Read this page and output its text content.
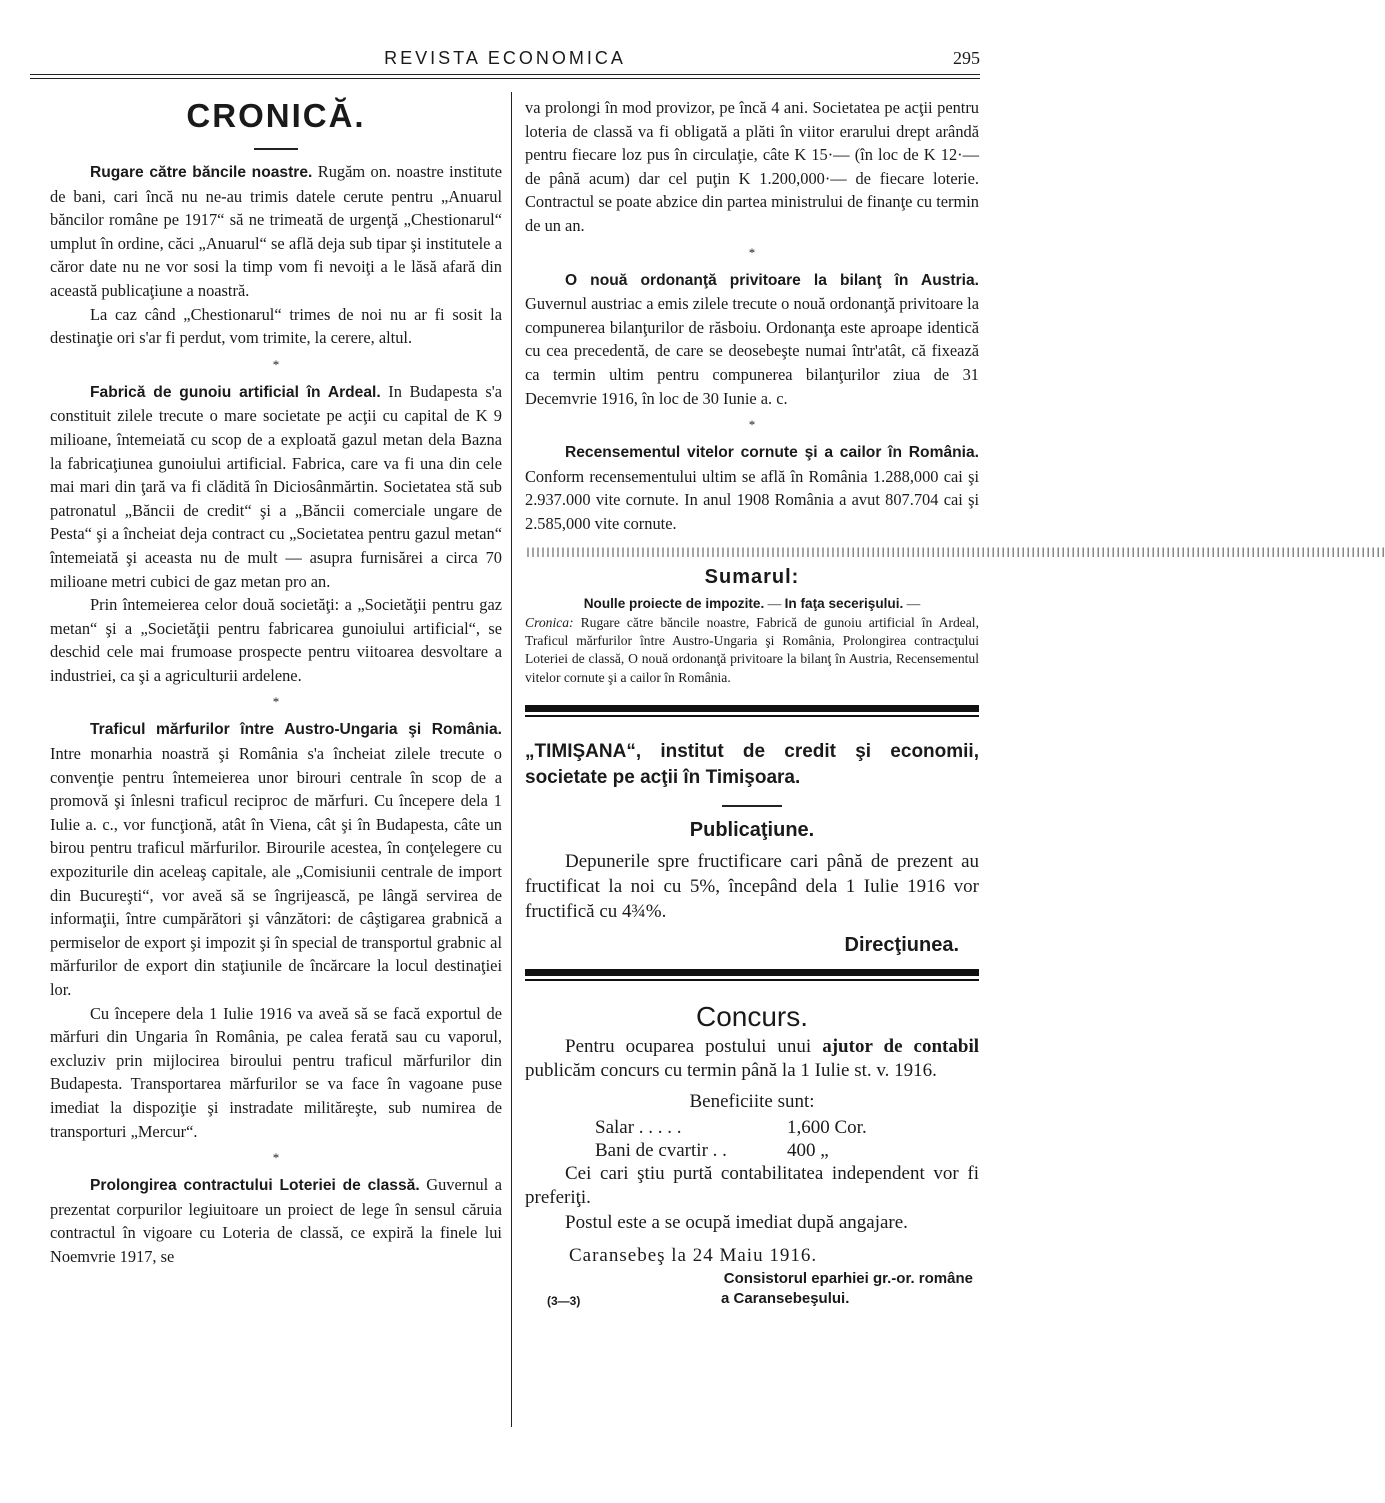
REVISTA ECONOMICA	295
CRONICĂ.

Rugare către băncile noastre. Rugăm on. noastre institute de bani, cari încă nu ne-au trimis datele cerute pentru „Anuarul băncilor române pe 1917“ să ne trimeată de urgenţă „Chestionarul“ umplut în ordine, căci „Anuarul“ se află deja sub tipar şi institutele a căror date nu ne vor sosi la timp vom fi nevoiţi a le lăsă afară din această publicaţiune a noastră.

La caz când „Chestionarul“ trimes de noi nu ar fi sosit la destinaţie ori s'ar fi perdut, vom trimite, la cerere, altul.

*

Fabrică de gunoiu artificial în Ardeal. In Budapesta s'a constituit zilele trecute o mare societate pe acţii cu capital de K 9 milioane, întemeiată cu scop de a exploată gazul metan dela Bazna la fabricaţiunea gunoiului artificial. Fabrica, care va fi una din cele mai mari din ţară va fi clădită în Diciosânmărtin. Societatea stă sub patronatul „Băncii de credit“ şi a „Băncii comerciale ungare de Pesta“ şi a încheiat deja contract cu „Societatea pentru gazul metan“ întemeiată şi aceasta nu de mult — asupra furnisărei a circa 70 milioane metri cubici de gaz metan pro an.

Prin întemeierea celor două societăţi: a „Societăţii pentru gaz metan“ şi a „Societăţii pentru fabricarea gunoiului artificial“, se deschid cele mai frumoase prospecte pentru viitoarea desvoltare a industriei, ca şi a agriculturii ardelene.

*

Traficul mărfurilor între Austro-Ungaria şi România. Intre monarhia noastră şi România s'a încheiat zilele trecute o convenţie pentru întemeierea unor birouri centrale în scop de a promovă şi înlesni traficul reciproc de mărfuri. Cu începere dela 1 Iulie a. c., vor funcţionă, atât în Viena, cât şi în Budapesta, câte un birou pentru traficul mărfurilor. Birourile acestea, în conţelegere cu expoziturile din aceleaş capitale, ale „Comisiunii centrale de import din Bucureşti“, vor aveă să se îngrijească, pe lângă servirea de informaţii, între cumpărători şi vânzători: de câştigarea grabnică a permiselor de export şi impozit şi în special de transportul grabnic al mărfurilor de export din staţiunile de încărcare la locul destinaţiei lor.

Cu începere dela 1 Iulie 1916 va aveă să se facă exportul de mărfuri din Ungaria în România, pe calea ferată sau cu vaporul, excluziv prin mijlocirea biroului pentru traficul mărfurilor din Budapesta. Transportarea mărfurilor se va face în vagoane puse imediat la dispoziţie şi instradate milităreşte, sub numirea de transporturi „Mercur“.

*

Prolongirea contractului Loteriei de classă. Guvernul a prezentat corpurilor legiuitoare un proiect de lege în sensul căruia contractul în vigoare cu Loteria de classă, ce expiră la finele lui Noemvrie 1917, se

va prolongi în mod provizor, pe încă 4 ani. Societatea pe acţii pentru loteria de classă va fi obligată a plăti în viitor erarului drept arândă pentru fiecare loz pus în circulaţie, câte K 15·— (în loc de K 12·— de până acum) dar cel puţin K 1.200,000·— de fiecare loterie. Contractul se poate abzice din partea ministrului de finanţe cu termin de un an.

*

O nouă ordonanţă privitoare la bilanţ în Austria. Guvernul austriac a emis zilele trecute o nouă ordonanţă privitoare la compunerea bilanţurilor de răsboiu. Ordonanţa este aproape identică cu cea precedentă, de care se deosebeşte numai într'atât, că fixează ca termin ultim pentru compunerea bilanţurilor ziua de 31 Decemvrie 1916, în loc de 30 Iunie a. c.

*

Recensementul vitelor cornute şi a cailor în România. Conform recensementului ultim se află în România 1.288,000 cai şi 2.937.000 vite cornute. In anul 1908 România a avut 807.704 cai şi 2.585,000 vite cornute.

||||||||||||||||||||||||||||||||||||||||||||||||||||||||||||||||||||||||||||||||||||||||||||||||||||||||||||||||||||||||||||||||||||||||||||||||||||||||||||||||||||||||||||
Sumarul:
Noulle proiecte de impozite. — In faţa secerişului. —

Cronica: Rugare către băncile noastre, Fabrică de gunoiu artificial în Ardeal, Traficul mărfurilor între Austro-Ungaria şi România, Prolongirea contracţului Loteriei de classă, O nouă ordonanţă privitoare la bilanţ în Austria, Recensementul vitelor cornute şi a cailor în România.

„TIMIŞANA“, institut de credit şi economii, societate pe acţii în Timişoara.
Publicaţiune.

Depunerile spre fructificare cari până de prezent au fructificat la noi cu 5%, începând dela 1 Iulie 1916 vor fructifică cu 4¾%.

Direcţiunea.
Concurs.

Pentru ocuparea postului unui ajutor de contabil publicăm concurs cu termin până la 1 Iulie st. v. 1916.

Beneficiite sunt:
Salar . . . . .	1,600 Cor.
Bani de cvartir . .	400 „

Cei cari ştiu purtă contabilitatea independent vor fi preferiţi.

Postul este a se ocupă imediat după angajare.

Caransebeş la 24 Maiu 1916.
Consistorul eparhiei gr.-or. române
(3—3)	a Caransebeşului.
